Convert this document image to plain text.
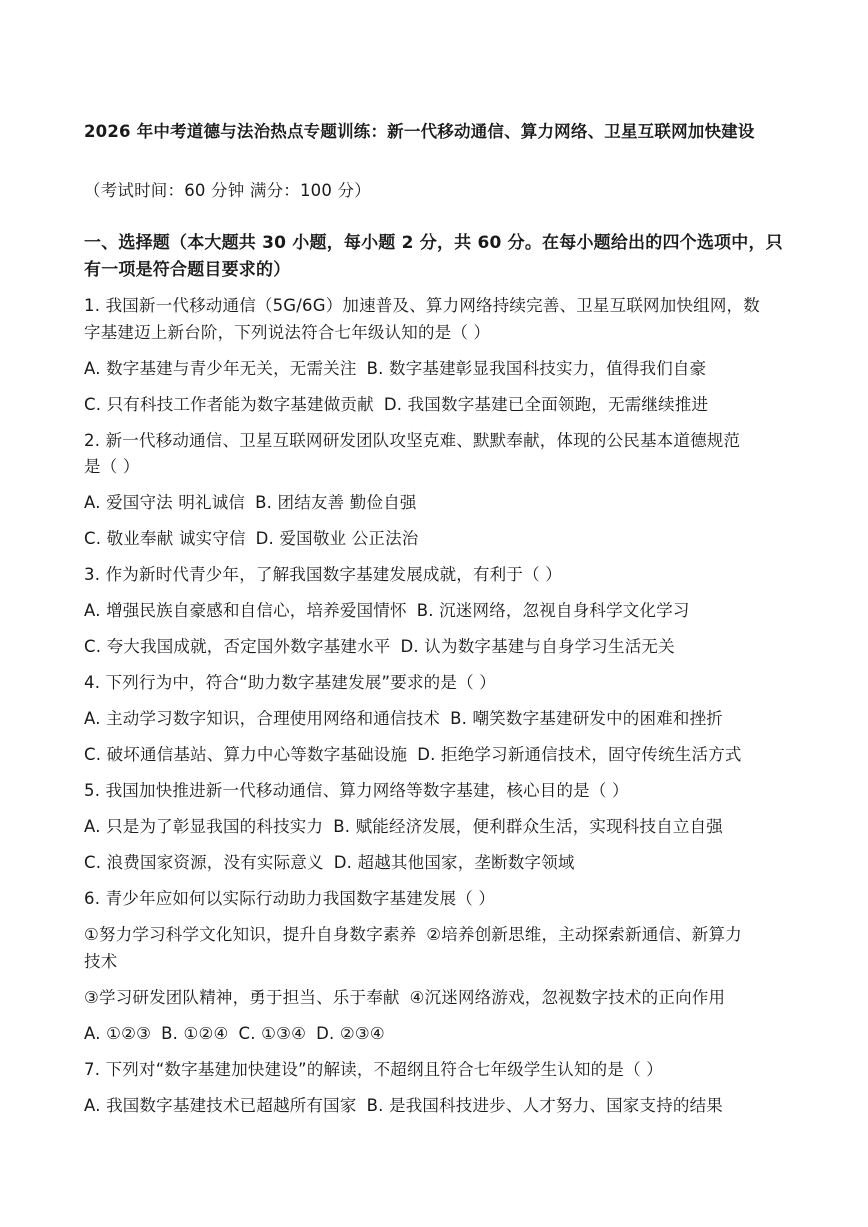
2026 年中考道德与法治热点专题训练：新一代移动通信、算力网络、卫星互联网加快建设
（考试时间：60 分钟 满分：100 分）
一、选择题（本大题共 30 小题，每小题 2 分，共 60 分。在每小题给出的四个选项中，只
有一项是符合题目要求的）
1. 我国新一代移动通信（5G/6G）加速普及、算力网络持续完善、卫星互联网加快组网，数
字基建迈上新台阶，下列说法符合七年级认知的是（ ）
A. 数字基建与青少年无关，无需关注 B. 数字基建彰显我国科技实力，值得我们自豪
C. 只有科技工作者能为数字基建做贡献 D. 我国数字基建已全面领跑，无需继续推进
2. 新一代移动通信、卫星互联网研发团队攻坚克难、默默奉献，体现的公民基本道德规范
是（ ）
A. 爱国守法 明礼诚信 B. 团结友善 勤俭自强
C. 敬业奉献 诚实守信 D. 爱国敬业 公正法治
3. 作为新时代青少年，了解我国数字基建发展成就，有利于（ ）
A. 增强民族自豪感和自信心，培养爱国情怀 B. 沉迷网络，忽视自身科学文化学习
C. 夸大我国成就，否定国外数字基建水平 D. 认为数字基建与自身学习生活无关
4. 下列行为中，符合“助力数字基建发展”要求的是（ ）
A. 主动学习数字知识，合理使用网络和通信技术 B. 嘲笑数字基建研发中的困难和挫折
C. 破坏通信基站、算力中心等数字基础设施 D. 拒绝学习新通信技术，固守传统生活方式
5. 我国加快推进新一代移动通信、算力网络等数字基建，核心目的是（ ）
A. 只是为了彰显我国的科技实力 B. 赋能经济发展，便利群众生活，实现科技自立自强
C. 浪费国家资源，没有实际意义 D. 超越其他国家，垄断数字领域
6. 青少年应如何以实际行动助力我国数字基建发展（ ）
①努力学习科学文化知识，提升自身数字素养 ②培养创新思维，主动探索新通信、新算力
技术
③学习研发团队精神，勇于担当、乐于奉献 ④沉迷网络游戏，忽视数字技术的正向作用
A. ①②③ B. ①②④ C. ①③④ D. ②③④
7. 下列对“数字基建加快建设”的解读，不超纲且符合七年级学生认知的是（ ）
A. 我国数字基建技术已超越所有国家 B. 是我国科技进步、人才努力、国家支持的结果
